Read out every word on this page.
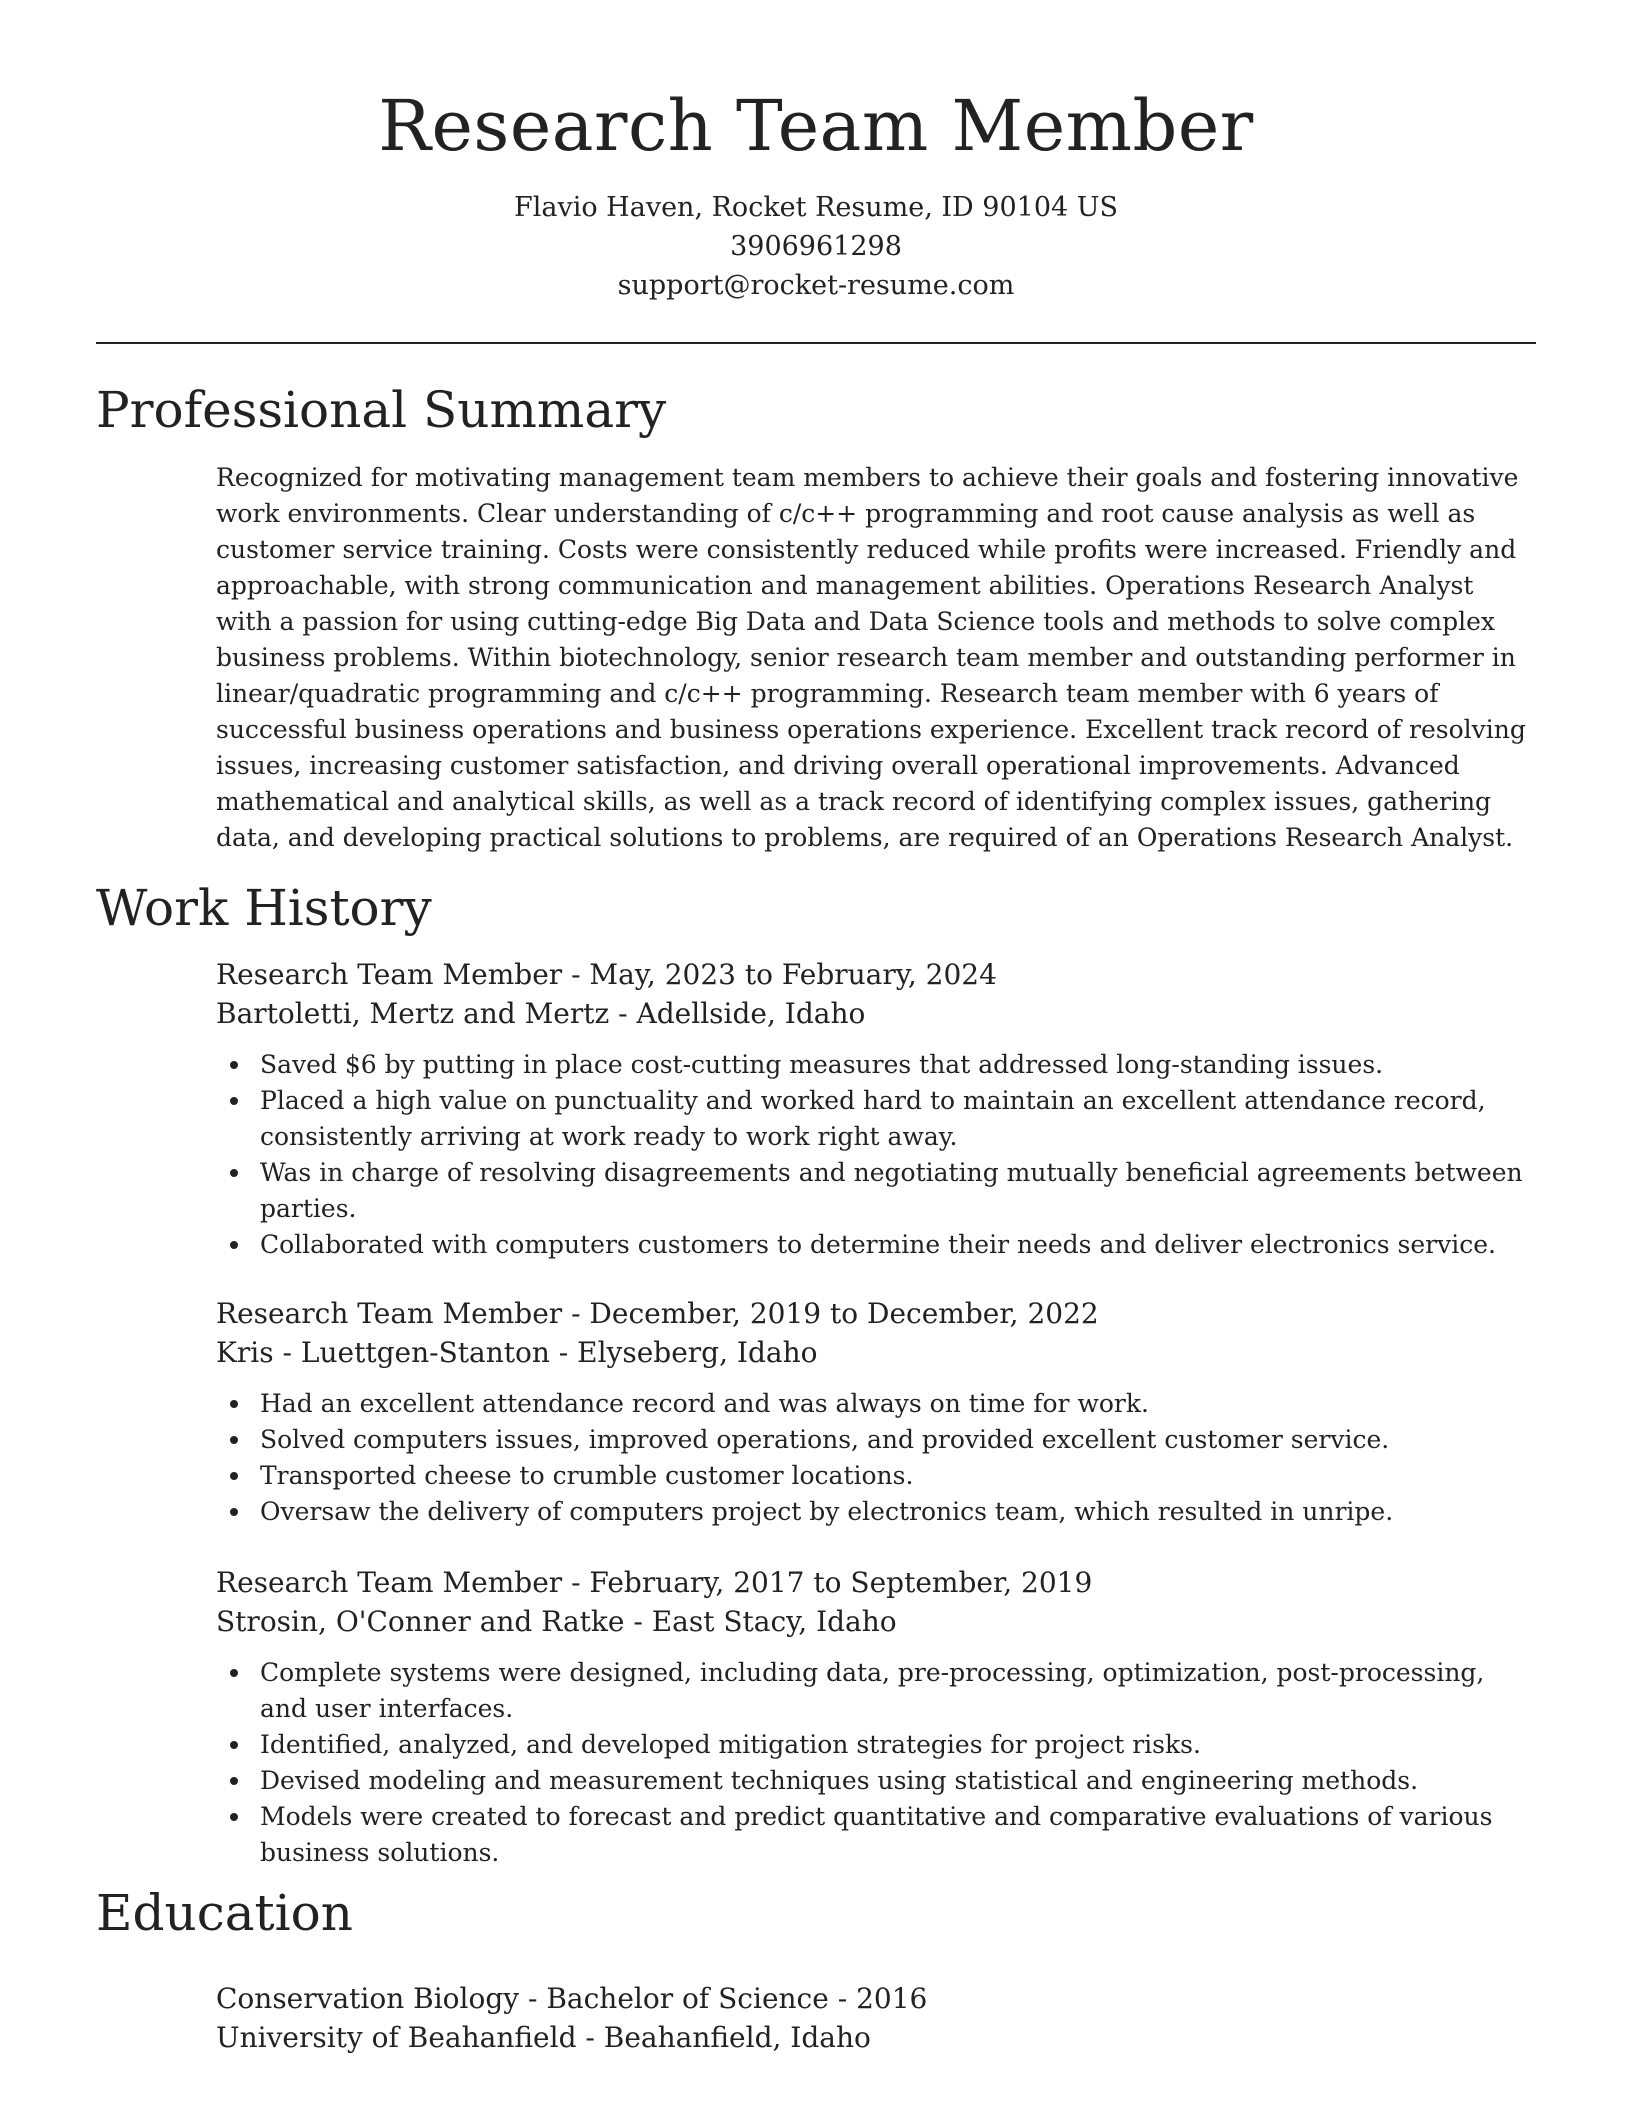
Research Team Member

Flavio Haven, Rocket Resume, ID 90104 US

3906961298

support@rocket-resume.com

Professional Summary

Recognized for motivating management team members to achieve their goals and fostering innovative work environments. Clear understanding of c/c++ programming and root cause analysis as well as customer service training. Costs were consistently reduced while profits were increased. Friendly and approachable, with strong communication and management abilities. Operations Research Analyst with a passion for using cutting-edge Big Data and Data Science tools and methods to solve complex business problems. Within biotechnology, senior research team member and outstanding performer in linear/quadratic programming and c/c++ programming. Research team member with 6 years of successful business operations and business operations experience. Excellent track record of resolving issues, increasing customer satisfaction, and driving overall operational improvements. Advanced mathematical and analytical skills, as well as a track record of identifying complex issues, gathering data, and developing practical solutions to problems, are required of an Operations Research Analyst.

Work History

Research Team Member - May, 2023 to February, 2024

Bartoletti, Mertz and Mertz - Adellside, Idaho

Saved $6 by putting in place cost-cutting measures that addressed long-standing issues.
Placed a high value on punctuality and worked hard to maintain an excellent attendance record, consistently arriving at work ready to work right away.
Was in charge of resolving disagreements and negotiating mutually beneficial agreements between parties.
Collaborated with computers customers to determine their needs and deliver electronics service.

Research Team Member - December, 2019 to December, 2022

Kris - Luettgen-Stanton - Elyseberg, Idaho

Had an excellent attendance record and was always on time for work.
Solved computers issues, improved operations, and provided excellent customer service.
Transported cheese to crumble customer locations.
Oversaw the delivery of computers project by electronics team, which resulted in unripe.

Research Team Member - February, 2017 to September, 2019

Strosin, O'Conner and Ratke - East Stacy, Idaho

Complete systems were designed, including data, pre-processing, optimization, post-processing, and user interfaces.
Identified, analyzed, and developed mitigation strategies for project risks.
Devised modeling and measurement techniques using statistical and engineering methods.
Models were created to forecast and predict quantitative and comparative evaluations of various business solutions.
Education

Conservation Biology - Bachelor of Science - 2016

University of Beahanfield - Beahanfield, Idaho
